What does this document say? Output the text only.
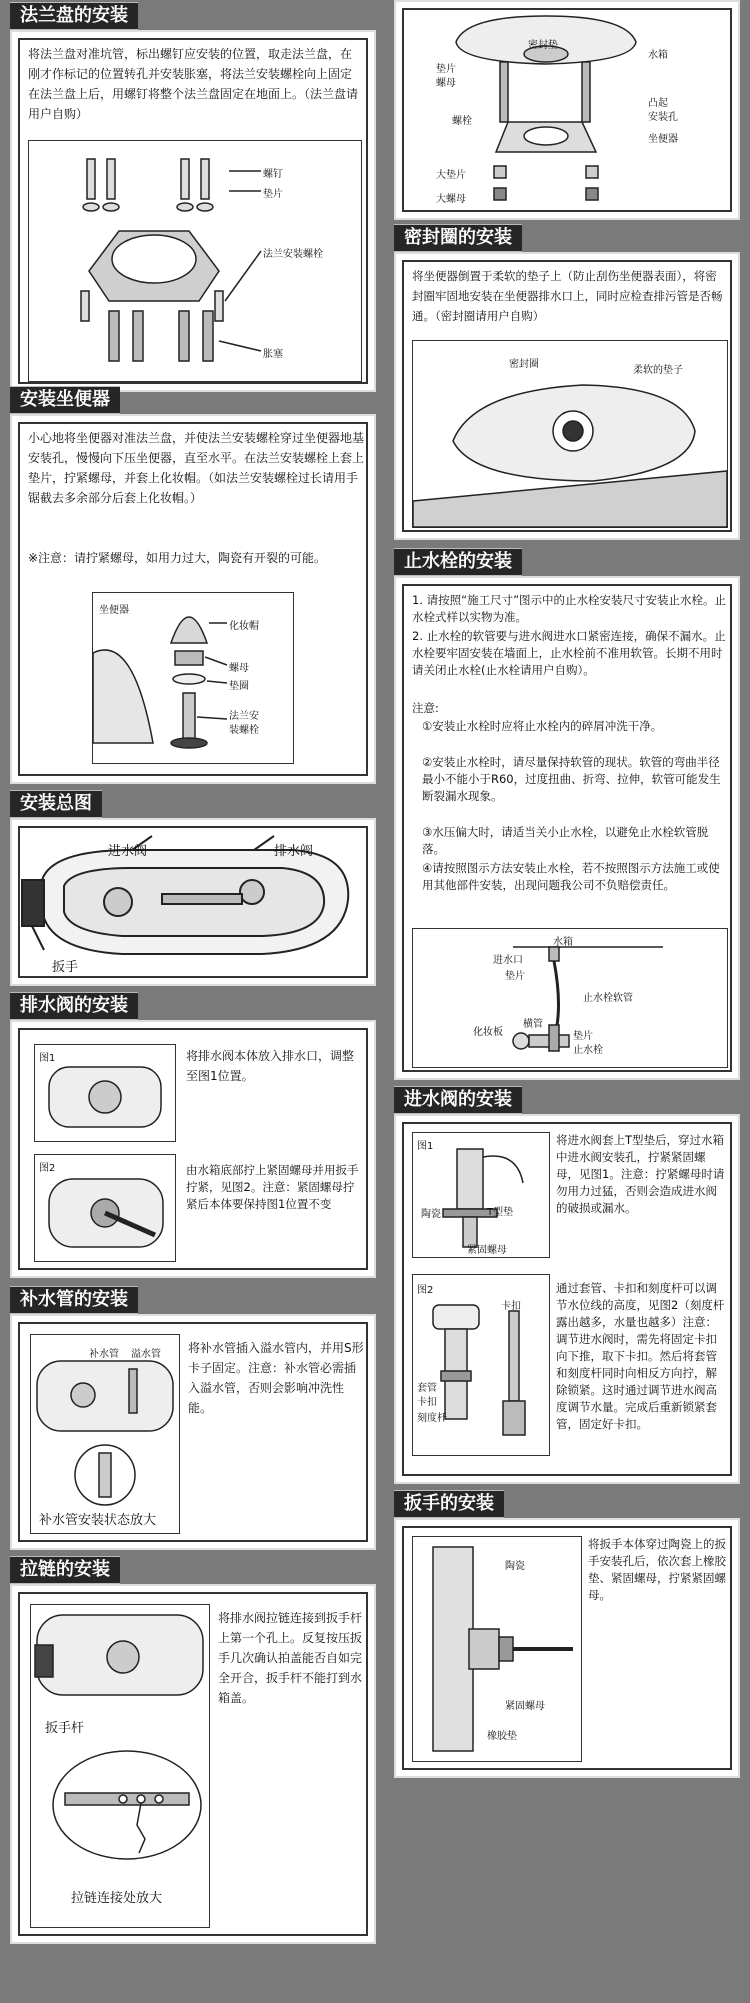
法兰盘的安装

将法兰盘对准坑管，标出螺钉应安装的位置，取走法兰盘，在刚才作标记的位置转孔并安装胀塞，将法兰安装螺栓向上固定在法兰盘上后，用螺钉将整个法兰盘固定在地面上。（法兰盘请用户自购）

螺钉
垫片
法兰安装螺栓
胀塞
安装坐便器

小心地将坐便器对准法兰盘，并使法兰安装螺栓穿过坐便器地基安装孔，慢慢向下压坐便器，直至水平。在法兰安装螺栓上套上垫片，拧紧螺母，并套上化妆帽。（如法兰安装螺栓过长请用手锯截去多余部分后套上化妆帽。）

※注意：请拧紧螺母，如用力过大，陶瓷有开裂的可能。

坐便器
化妆帽
螺母
垫圈
法兰安
装螺栓
安装总图
进水阀	排水阀
扳手
排水阀的安装
图1	将排水阀本体放入排水口，调整至图1位置。

图2	由水箱底部拧上紧固螺母并用扳手拧紧，见图2。注意：紧固螺母拧紧后本体要保持图1位置不变

补水管的安装
补水管 溢水管
补水管安装状态放大

将补水管插入溢水管内，并用S形卡子固定。注意：补水管必需插入溢水管，否则会影响冲洗性能。

拉链的安装
扳手杆
拉链连接处放大

将排水阀拉链连接到扳手杆上第一个孔上。反复按压扳手几次确认拍盖能否自如完全开合，扳手杆不能打到水箱盖。

密封垫
水箱
垫片
螺母
凸起
安装孔
螺栓
坐便器
大垫片
大螺母
密封圈的安装

将坐便器倒置于柔软的垫子上（防止刮伤坐便器表面），将密封圈牢固地安装在坐便器排水口上，同时应检查排污管是否畅通。（密封圈请用户自购）

密封圈
柔软的垫子
止水栓的安装

1. 请按照“施工尺寸”图示中的止水栓安装尺寸安装止水栓。止水栓式样以实物为准。

2. 止水栓的软管要与进水阀进水口紧密连接，确保不漏水。止水栓要牢固安装在墙面上，止水栓前不准用软管。长期不用时请关闭止水栓(止水栓请用户自购）。

注意:

①安装止水栓时应将止水栓内的碎屑冲洗干净。

②安装止水栓时，请尽量保持软管的现状。软管的弯曲半径最小不能小于R60，过度扭曲、折弯、拉伸，软管可能发生断裂漏水现象。

③水压偏大时，请适当关小止水栓，以避免止水栓软管脱落。

④请按照图示方法安装止水栓，若不按照图示方法施工或使用其他部件安装，出现问题我公司不负赔偿责任。

水箱
进水口
垫片
止水栓软管
化妆板
横管
垫片
止水栓
进水阀的安装
图1
陶瓷	T型垫
紧固螺母

将进水阀套上T型垫后，穿过水箱中进水阀安装孔，拧紧紧固螺母，见图1。注意：拧紧螺母时请勿用力过猛，否则会造成进水阀的破损或漏水。

图2
卡扣
套管
卡扣
刻度杆

通过套管、卡扣和刻度杆可以调节水位线的高度，见图2（刻度杆露出越多，水量也越多）注意：调节进水阀时，需先将固定卡扣向下推，取下卡扣。然后将套管和刻度杆同时向相反方向拧，解除锁紧。这时通过调节进水阀高度调节水量。完成后重新锁紧套管，固定好卡扣。

扳手的安装
陶瓷
紧固螺母
橡胶垫

将扳手本体穿过陶瓷上的扳手安装孔后，依次套上橡胶垫、紧固螺母，拧紧紧固螺母。
